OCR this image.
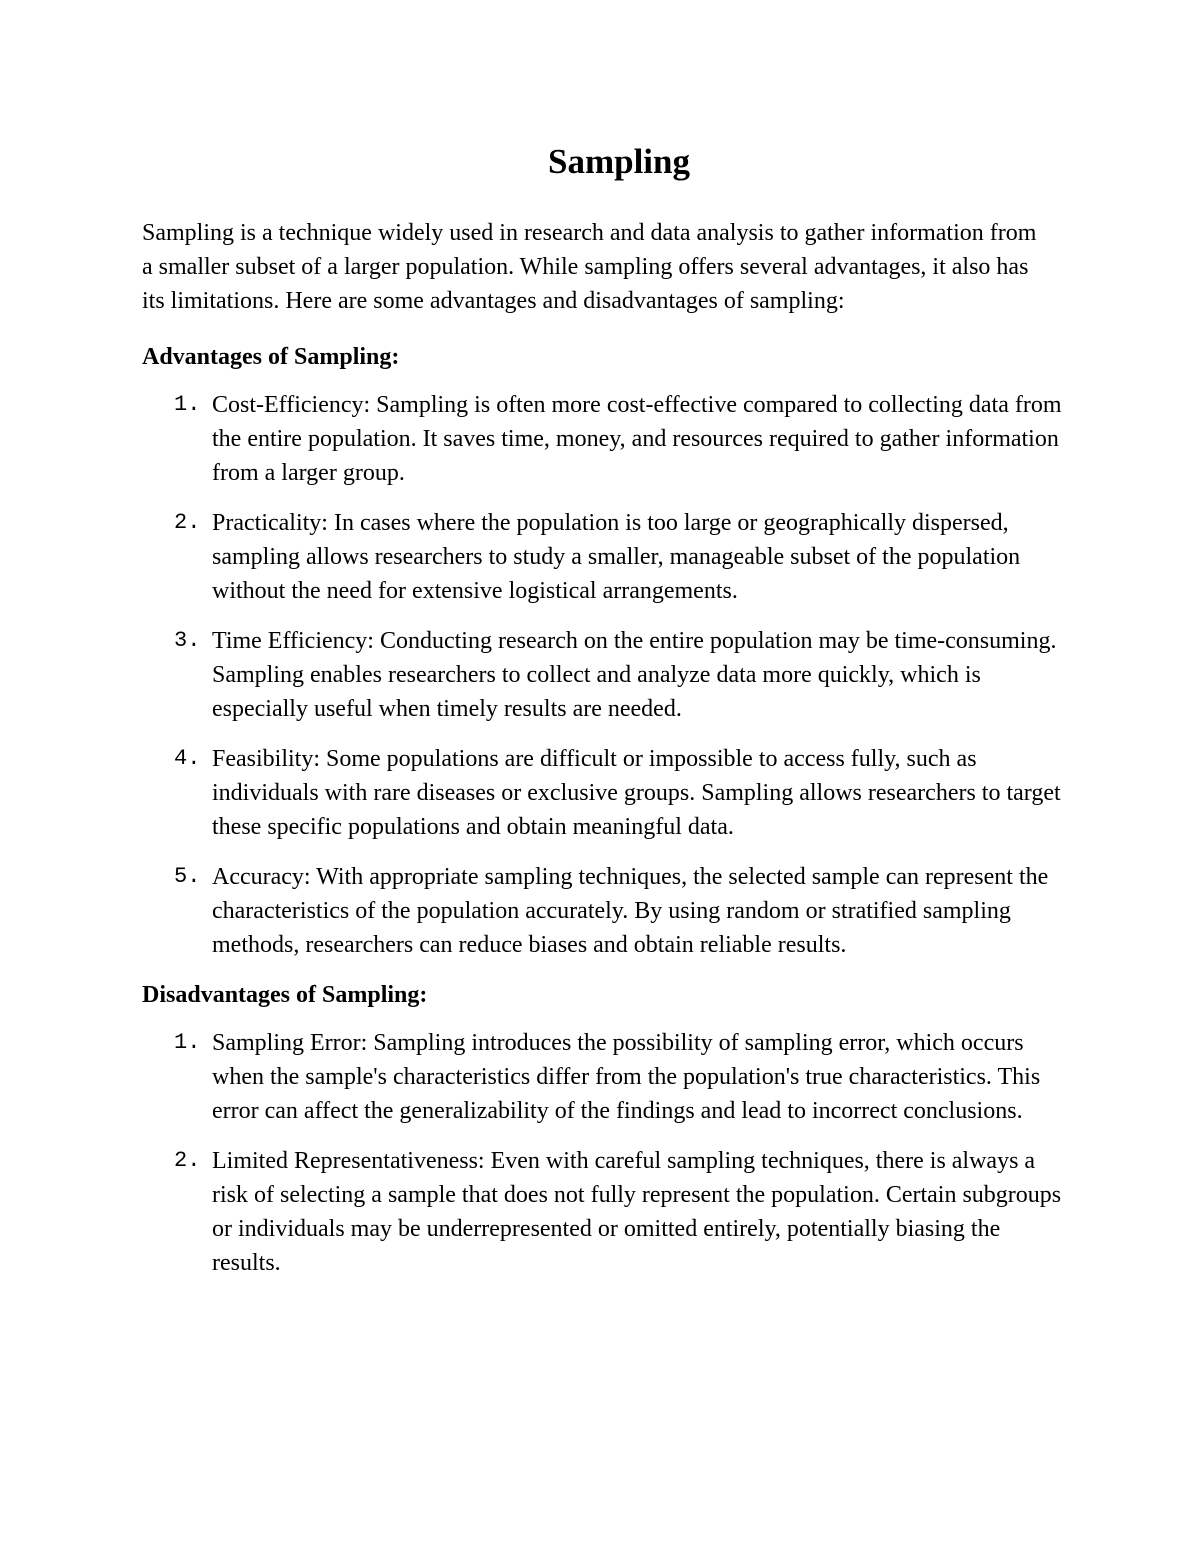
Sampling

Sampling is a technique widely used in research and data analysis to gather information from a smaller subset of a larger population. While sampling offers several advantages, it also has its limitations. Here are some advantages and disadvantages of sampling:

Advantages of Sampling:
1. Cost-Efficiency: Sampling is often more cost-effective compared to collecting data from the entire population. It saves time, money, and resources required to gather information from a larger group.
2. Practicality: In cases where the population is too large or geographically dispersed, sampling allows researchers to study a smaller, manageable subset of the population without the need for extensive logistical arrangements.
3. Time Efficiency: Conducting research on the entire population may be time-consuming. Sampling enables researchers to collect and analyze data more quickly, which is especially useful when timely results are needed.
4. Feasibility: Some populations are difficult or impossible to access fully, such as individuals with rare diseases or exclusive groups. Sampling allows researchers to target these specific populations and obtain meaningful data.
5. Accuracy: With appropriate sampling techniques, the selected sample can represent the characteristics of the population accurately. By using random or stratified sampling methods, researchers can reduce biases and obtain reliable results.
Disadvantages of Sampling:
1. Sampling Error: Sampling introduces the possibility of sampling error, which occurs when the sample's characteristics differ from the population's true characteristics. This error can affect the generalizability of the findings and lead to incorrect conclusions.
2. Limited Representativeness: Even with careful sampling techniques, there is always a risk of selecting a sample that does not fully represent the population. Certain subgroups or individuals may be underrepresented or omitted entirely, potentially biasing the results.
